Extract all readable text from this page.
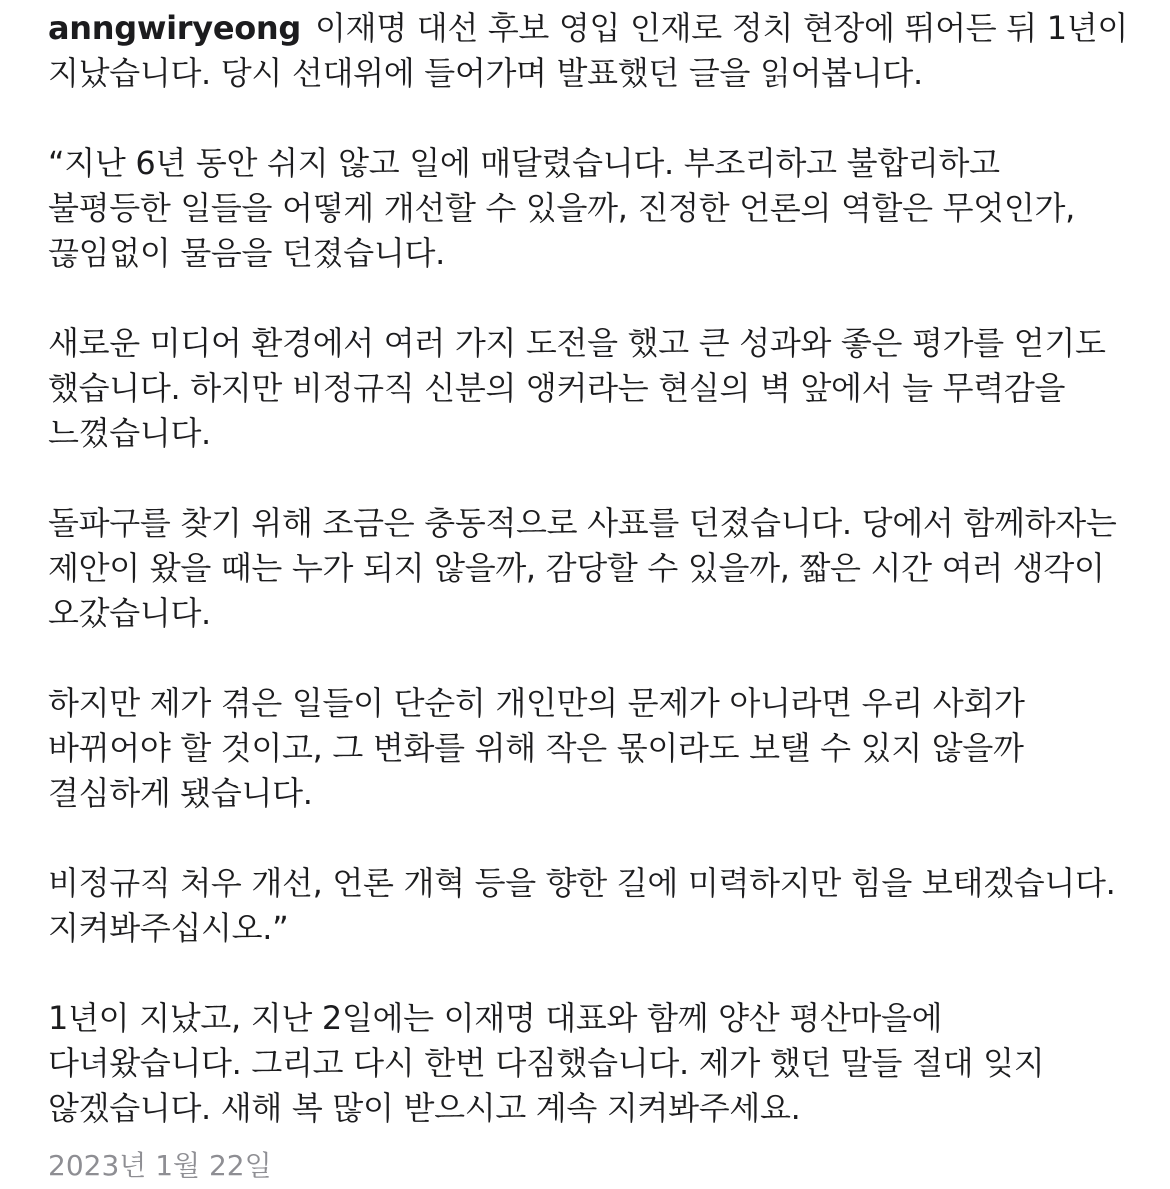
anngwiryeong 이재명 대선 후보 영입 인재로 정치 현장에 뛰어든 뒤 1년이 지났습니다. 당시 선대위에 들어가며 발표했던 글을 읽어봅니다.

“지난 6년 동안 쉬지 않고 일에 매달렸습니다. 부조리하고 불합리하고 불평등한 일들을 어떻게 개선할 수 있을까, 진정한 언론의 역할은 무엇인가, 끊임없이 물음을 던졌습니다.

새로운 미디어 환경에서 여러 가지 도전을 했고 큰 성과와 좋은 평가를 얻기도 했습니다. 하지만 비정규직 신분의 앵커라는 현실의 벽 앞에서 늘 무력감을 느꼈습니다.

돌파구를 찾기 위해 조금은 충동적으로 사표를 던졌습니다. 당에서 함께하자는 제안이 왔을 때는 누가 되지 않을까, 감당할 수 있을까, 짧은 시간 여러 생각이 오갔습니다.

하지만 제가 겪은 일들이 단순히 개인만의 문제가 아니라면 우리 사회가 바뀌어야 할 것이고, 그 변화를 위해 작은 몫이라도 보탤 수 있지 않을까 결심하게 됐습니다.

비정규직 처우 개선, 언론 개혁 등을 향한 길에 미력하지만 힘을 보태겠습니다. 지켜봐주십시오.”

1년이 지났고, 지난 2일에는 이재명 대표와 함께 양산 평산마을에 다녀왔습니다. 그리고 다시 한번 다짐했습니다. 제가 했던 말들 절대 잊지 않겠습니다. 새해 복 많이 받으시고 계속 지켜봐주세요.

2023년 1월 22일
